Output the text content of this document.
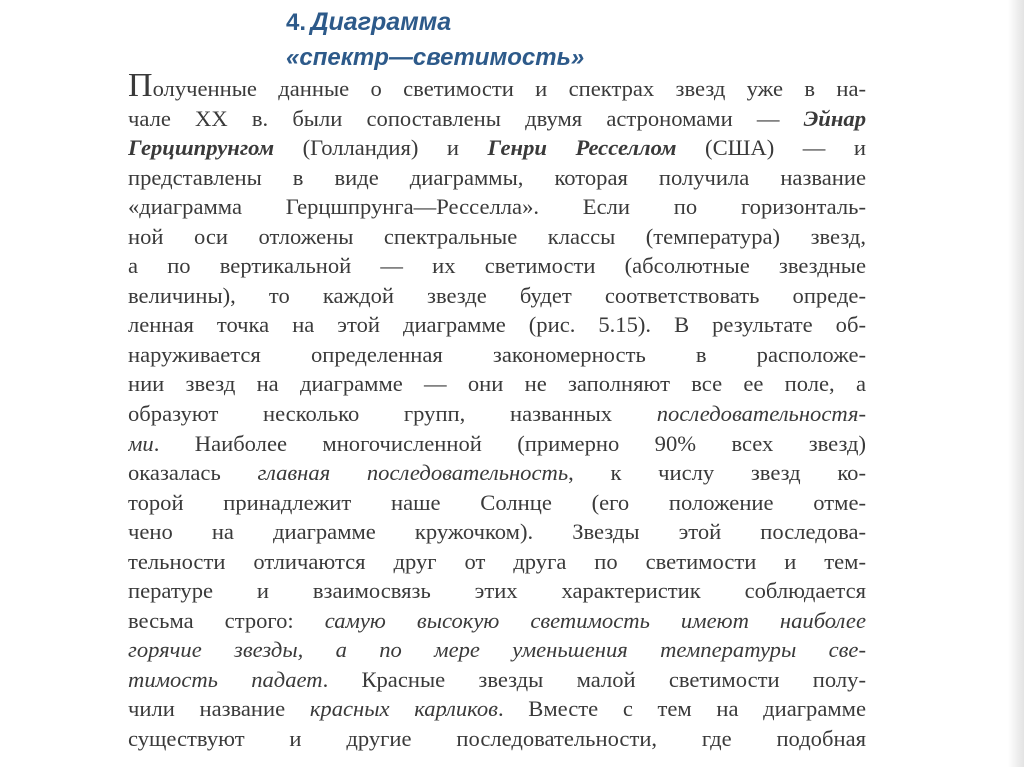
4. Диаграмма
«спектр—светимость»
Полученные данные о светимости и спектрах звезд уже в на-
чале XX в. были сопоставлены двумя астрономами — Эйнар
Герцшпрунгом (Голландия) и Генри Ресселлом (США) — и
представлены в виде диаграммы, которая получила название
«диаграмма Герцшпрунга—Ресселла». Если по горизонталь-
ной оси отложены спектральные классы (температура) звезд,
а по вертикальной — их светимости (абсолютные звездные
величины), то каждой звезде будет соответствовать опреде-
ленная точка на этой диаграмме (рис. 5.15). В результате об-
наруживается определенная закономерность в расположе-
нии звезд на диаграмме — они не заполняют все ее поле, а
образуют несколько групп, названных последовательностя-
ми. Наиболее многочисленной (примерно 90% всех звезд)
оказалась главная последовательность, к числу звезд ко-
торой принадлежит наше Солнце (его положение отме-
чено на диаграмме кружочком). Звезды этой последова-
тельности отличаются друг от друга по светимости и тем-
пературе и взаимосвязь этих характеристик соблюдается
весьма строго: самую высокую светимость имеют наиболее
горячие звезды, а по мере уменьшения температуры све-
тимость падает. Красные звезды малой светимости полу-
чили название красных карликов. Вместе с тем на диаграмме
существуют и другие последовательности, где подобная
